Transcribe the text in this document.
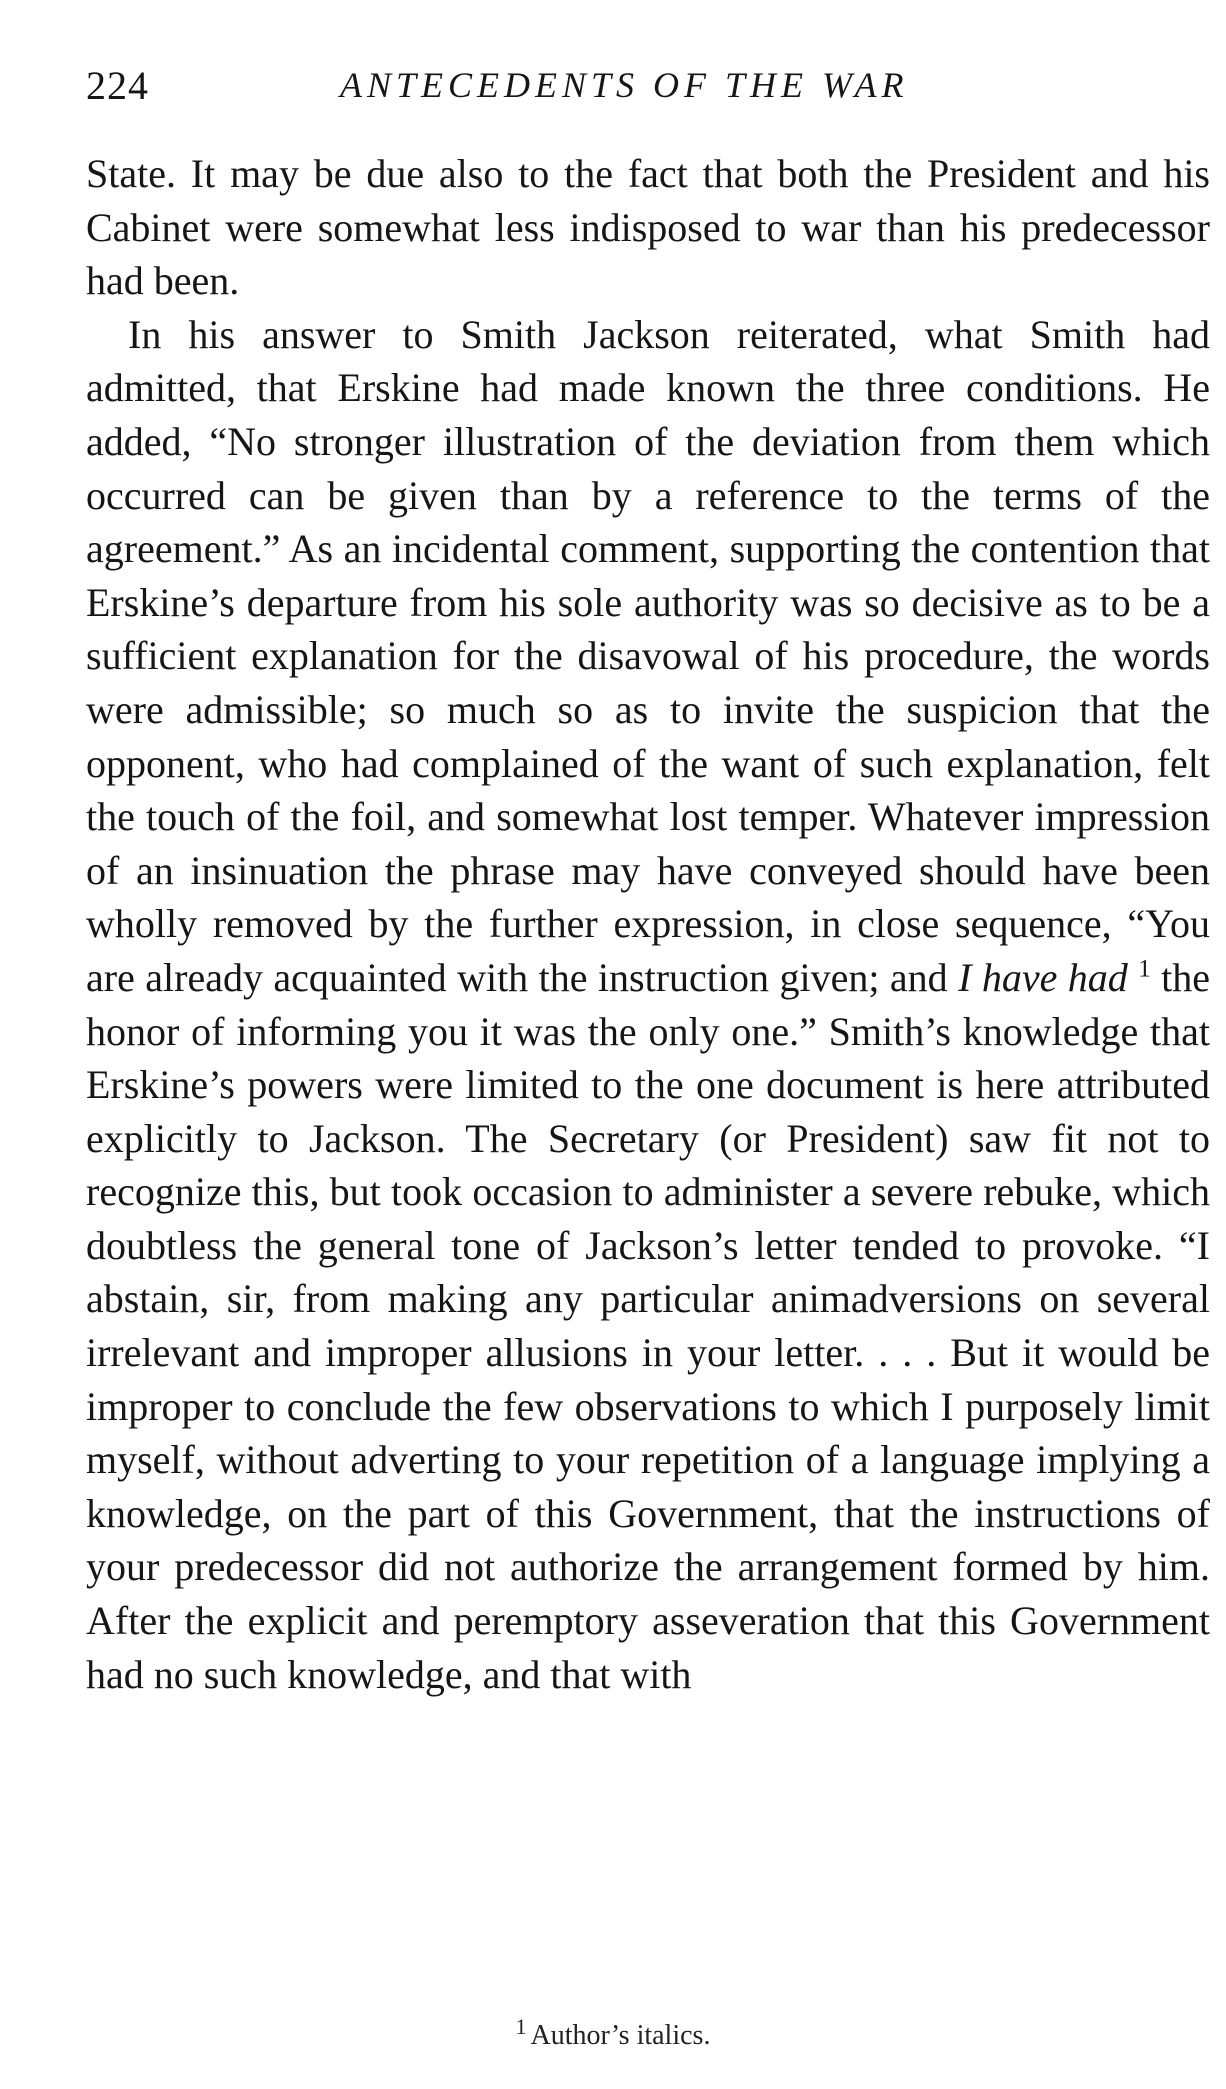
224	ANTECEDENTS OF THE WAR

State. It may be due also to the fact that both the President and his Cabinet were somewhat less indisposed to war than his predecessor had been.

In his answer to Smith Jackson reiterated, what Smith had admitted, that Erskine had made known the three conditions. He added, “No stronger illustration of the deviation from them which occurred can be given than by a reference to the terms of the agreement.” As an incidental comment, supporting the contention that Erskine’s departure from his sole authority was so decisive as to be a sufficient explanation for the disavowal of his procedure, the words were admissible; so much so as to invite the suspicion that the opponent, who had complained of the want of such explanation, felt the touch of the foil, and somewhat lost temper. Whatever impression of an insinuation the phrase may have conveyed should have been wholly removed by the further expression, in close sequence, “You are already acquainted with the instruction given; and I have had $^1$ the honor of informing you it was the only one.” Smith’s knowledge that Erskine’s powers were limited to the one document is here attributed explicitly to Jackson. The Secretary (or President) saw fit not to recognize this, but took occasion to administer a severe rebuke, which doubtless the general tone of Jackson’s letter tended to provoke. “I abstain, sir, from making any particular animadversions on several irrelevant and improper allusions in your letter. . . . But it would be improper to conclude the few observations to which I purposely limit myself, without adverting to your repetition of a language implying a knowledge, on the part of this Government, that the instructions of your predecessor did not authorize the arrangement formed by him. After the explicit and peremptory asseveration that this Government had no such knowledge, and that with

$^1$ Author’s italics.
